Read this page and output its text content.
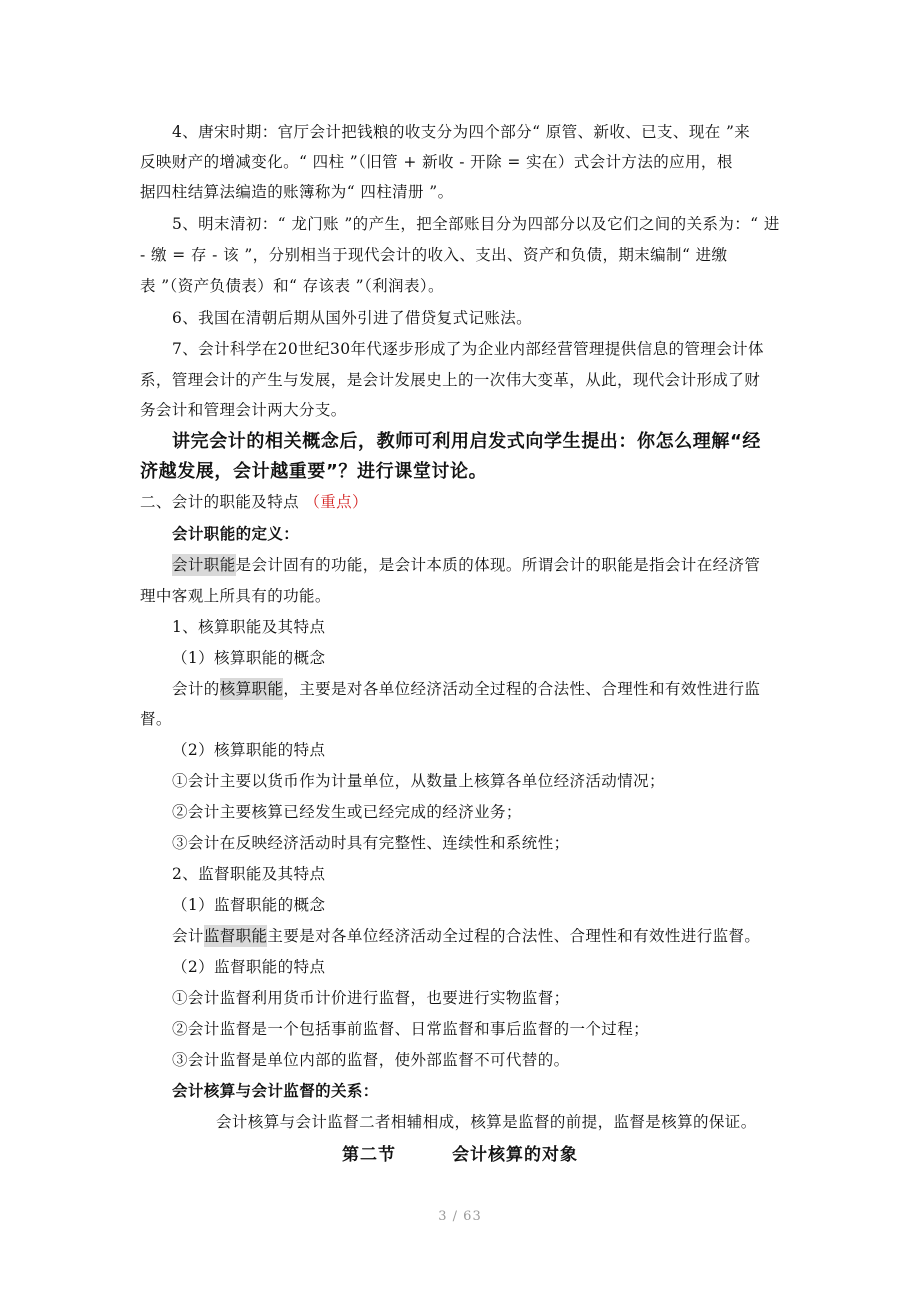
4、唐宋时期：官厅会计把钱粮的收支分为四个部分“ 原管、新收、已支、现在 ”来
反映财产的增减变化。“ 四柱 ”（旧管 + 新收 - 开除 = 实在）式会计方法的应用，根
据四柱结算法编造的账簿称为“ 四柱清册 ”。
5、明末清初：“ 龙门账 ”的产生，把全部账目分为四部分以及它们之间的关系为：“ 进
- 缴 = 存 - 该 ”，分别相当于现代会计的收入、支出、资产和负债，期末编制“ 进缴
表 ”（资产负债表）和“ 存该表 ”（利润表）。
6、我国在清朝后期从国外引进了借贷复式记账法。
7、会计科学在20世纪30年代逐步形成了为企业内部经营管理提供信息的管理会计体
系，管理会计的产生与发展，是会计发展史上的一次伟大变革，从此，现代会计形成了财
务会计和管理会计两大分支。
讲完会计的相关概念后，教师可利用启发式向学生提出：你怎么理解“经
济越发展，会计越重要”？进行课堂讨论。
二、会计的职能及特点 （重点）
会计职能的定义：
会计职能是会计固有的功能，是会计本质的体现。所谓会计的职能是指会计在经济管
理中客观上所具有的功能。
1、核算职能及其特点
（1）核算职能的概念
会计的核算职能，主要是对各单位经济活动全过程的合法性、合理性和有效性进行监
督。
（2）核算职能的特点
①会计主要以货币作为计量单位，从数量上核算各单位经济活动情况；
②会计主要核算已经发生或已经完成的经济业务；
③会计在反映经济活动时具有完整性、连续性和系统性；
2、监督职能及其特点
（1）监督职能的概念
会计监督职能主要是对各单位经济活动全过程的合法性、合理性和有效性进行监督。
（2）监督职能的特点
①会计监督利用货币计价进行监督，也要进行实物监督；
②会计监督是一个包括事前监督、日常监督和事后监督的一个过程；
③会计监督是单位内部的监督，使外部监督不可代替的。
会计核算与会计监督的关系：
会计核算与会计监督二者相辅相成，核算是监督的前提，监督是核算的保证。
第二节	会计核算的对象
3 / 63
